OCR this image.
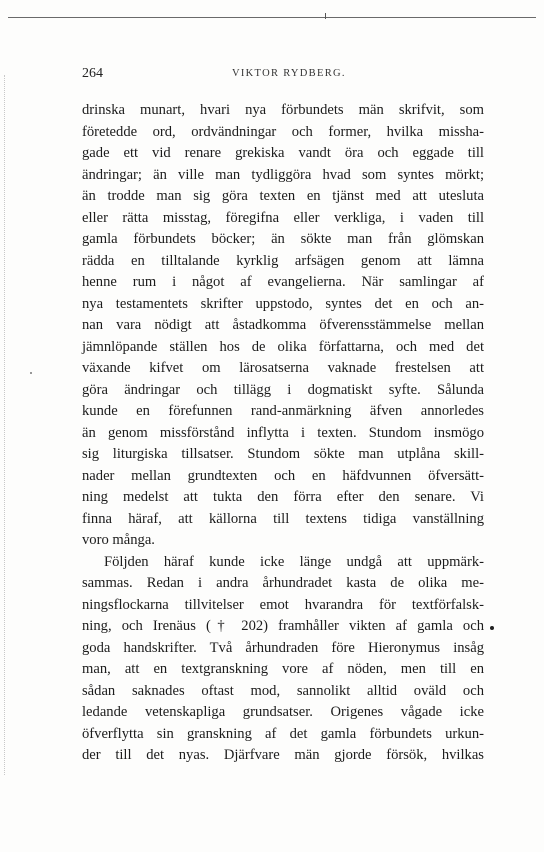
264	VIKTOR RYDBERG.
drinska munart, hvari nya förbundets män skrifvit, som
företedde ord, ordvändningar och former, hvilka missha-
gade ett vid renare grekiska vandt öra och eggade till
ändringar; än ville man tydliggöra hvad som syntes mörkt;
än trodde man sig göra texten en tjänst med att utesluta
eller rätta misstag, föregifna eller verkliga, i vaden till
gamla förbundets böcker; än sökte man från glömskan
rädda en tilltalande kyrklig arfsägen genom att lämna
henne rum i något af evangelierna. När samlingar af
nya testamentets skrifter uppstodo, syntes det en och an-
nan vara nödigt att åstadkomma öfverensstämmelse mellan
jämnlöpande ställen hos de olika författarna, och med det
växande kifvet om lärosatserna vaknade frestelsen att
göra ändringar och tillägg i dogmatiskt syfte. Sålunda
kunde en förefunnen rand-anmärkning äfven annorledes
än genom missförstånd inflytta i texten. Stundom insmögo
sig liturgiska tillsatser. Stundom sökte man utplåna skill-
nader mellan grundtexten och en häfdvunnen öfversätt-
ning medelst att tukta den förra efter den senare. Vi
finna häraf, att källorna till textens tidiga vanställning
voro många.
Följden häraf kunde icke länge undgå att uppmärk-
sammas. Redan i andra århundradet kasta de olika me-
ningsflockarna tillvitelser emot hvarandra för textförfalsk-
ning, och Irenäus († 202) framhåller vikten af gamla och
goda handskrifter. Två århundraden före Hieronymus insåg
man, att en textgranskning vore af nöden, men till en
sådan saknades oftast mod, sannolikt alltid oväld och
ledande vetenskapliga grundsatser. Origenes vågade icke
öfverflytta sin granskning af det gamla förbundets urkun-
der till det nyas. Djärfvare män gjorde försök, hvilkas
